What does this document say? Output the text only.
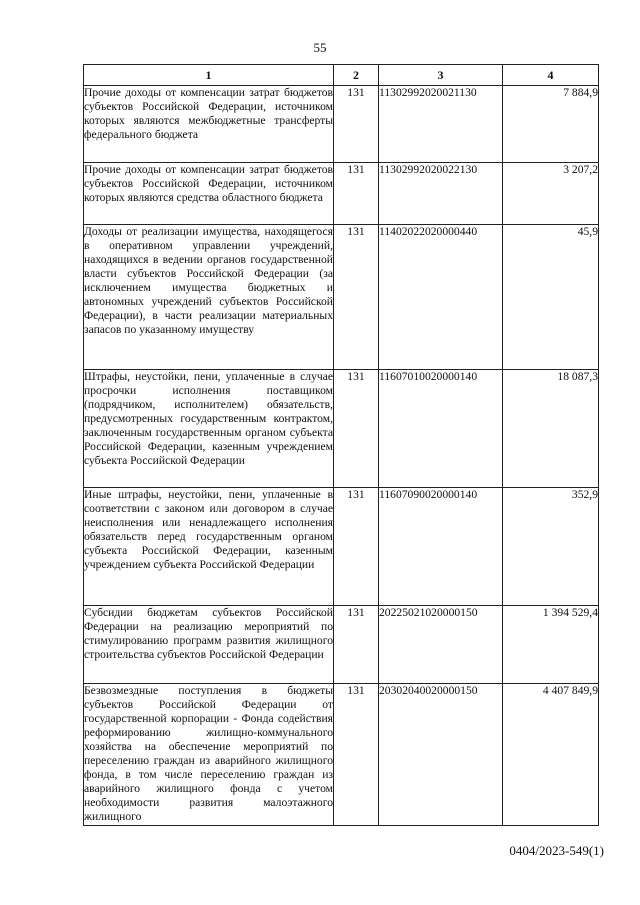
55
1	2	3	4

Прочие доходы от компенсации затрат бюджетов субъектов Российской Федерации, источником которых являются межбюджетные трансферты федерального бюджета	131	11302992020021130	7 884,9

Прочие доходы от компенсации затрат бюджетов субъектов Российской Федерации, источником которых являются средства областного бюджета	131	11302992020022130	3 207,2

Доходы от реализации имущества, находящегося в оперативном управлении учреждений, находящихся в ведении органов государственной власти субъектов Российской Федерации (за исключением имущества бюджетных и автономных учреждений субъектов Российской Федерации), в части реализации материальных запасов по указанному имуществу	131	11402022020000440	45,9

Штрафы, неустойки, пени, уплаченные в случае просрочки исполнения поставщиком (подрядчиком, исполнителем) обязательств, предусмотренных государственным контрактом, заключенным государственным органом субъекта Российской Федерации, казенным учреждением субъекта Российской Федерации	131	11607010020000140	18 087,3

Иные штрафы, неустойки, пени, уплаченные в соответствии с законом или договором в случае неисполнения или ненадлежащего исполнения обязательств перед государственным органом субъекта Российской Федерации, казенным учреждением субъекта Российской Федерации	131	11607090020000140	352,9

Субсидии бюджетам субъектов Российской Федерации на реализацию мероприятий по стимулированию программ развития жилищного строительства субъектов Российской Федерации	131	20225021020000150	1 394 529,4

Безвозмездные поступления в бюджеты субъектов Российской Федерации от государственной корпорации - Фонда содействия реформированию жилищно-коммунального хозяйства на обеспечение мероприятий по переселению граждан из аварийного жилищного фонда, в том числе переселению граждан из аварийного жилищного фонда с учетом необходимости развития малоэтажного жилищного	131	20302040020000150	4 407 849,9
0404/2023-549(1)
